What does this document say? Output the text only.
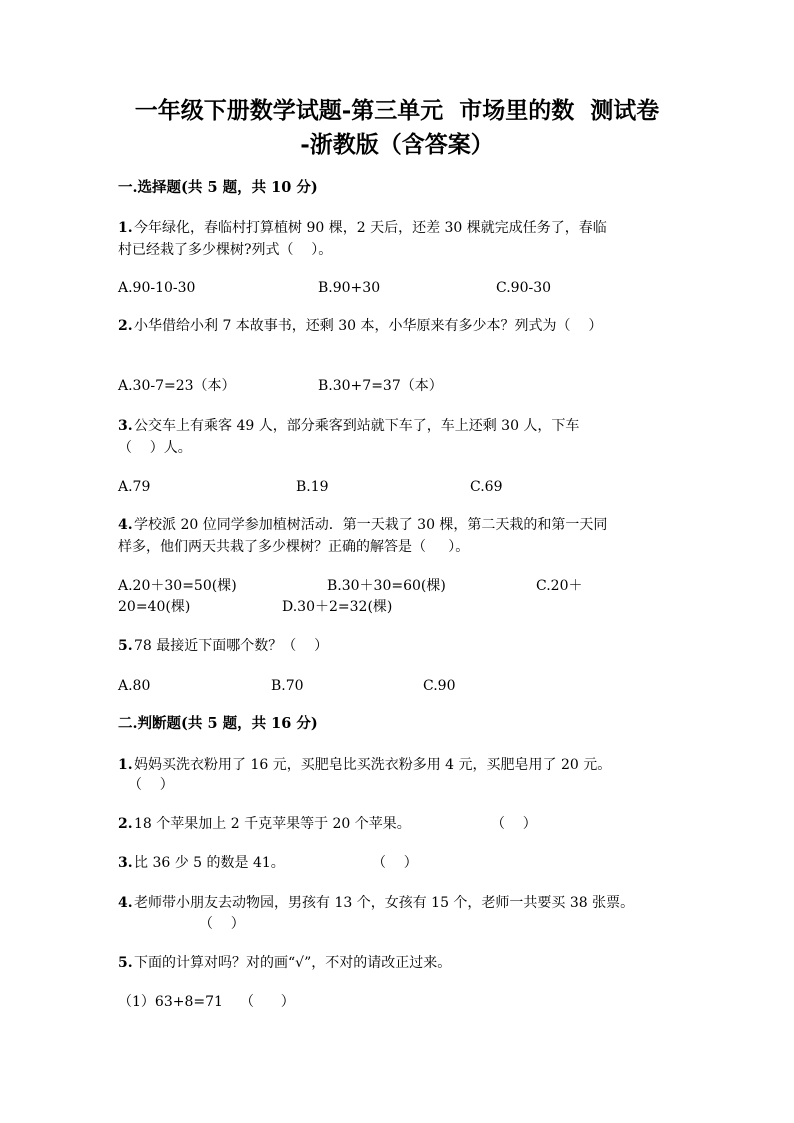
一年级下册数学试题-第三单元  市场里的数  测试卷
-浙教版（含答案）
一.选择题(共 5 题，共 10 分)
1. 今年绿化，春临村打算植树 90 棵，2 天后，还差 30 棵就完成任务了，春临
村已经栽了多少棵树?列式（    ）。
A.90-10-30	B.90+30	C.90-30
2. 小华借给小利 7 本故事书，还剩 30 本，小华原来有多少本？列式为（    ）
A.30-7=23（本）	B.30+7=37（本）
3. 公交车上有乘客 49 人，部分乘客到站就下车了，车上还剩 30 人，下车
（    ）人。
A.79	B.19	C.69
4. 学校派 20 位同学参加植树活动．第一天栽了 30 棵，第二天栽的和第一天同
样多，他们两天共栽了多少棵树？正确的解答是（     ）。
A.20＋30=50(棵)	B.30＋30=60(棵)	C.20＋
20=40(棵)	D.30＋2=32(棵)
5. 78 最接近下面哪个数？（    ）
A.80	B.70	C.90
二.判断题(共 5 题，共 16 分)
1. 妈妈买洗衣粉用了 16 元，买肥皂比买洗衣粉多用 4 元，买肥皂用了 20 元。
（    ）
2. 18 个苹果加上 2 千克苹果等于 20 个苹果。	（    ）
3. 比 36 少 5 的数是 41。	（    ）
4. 老师带小朋友去动物园，男孩有 13 个，女孩有 15 个，老师一共要买 38 张票。
（    ）
5. 下面的计算对吗？对的画“√”，不对的请改正过来。
（1）63+8=71 （      ）
